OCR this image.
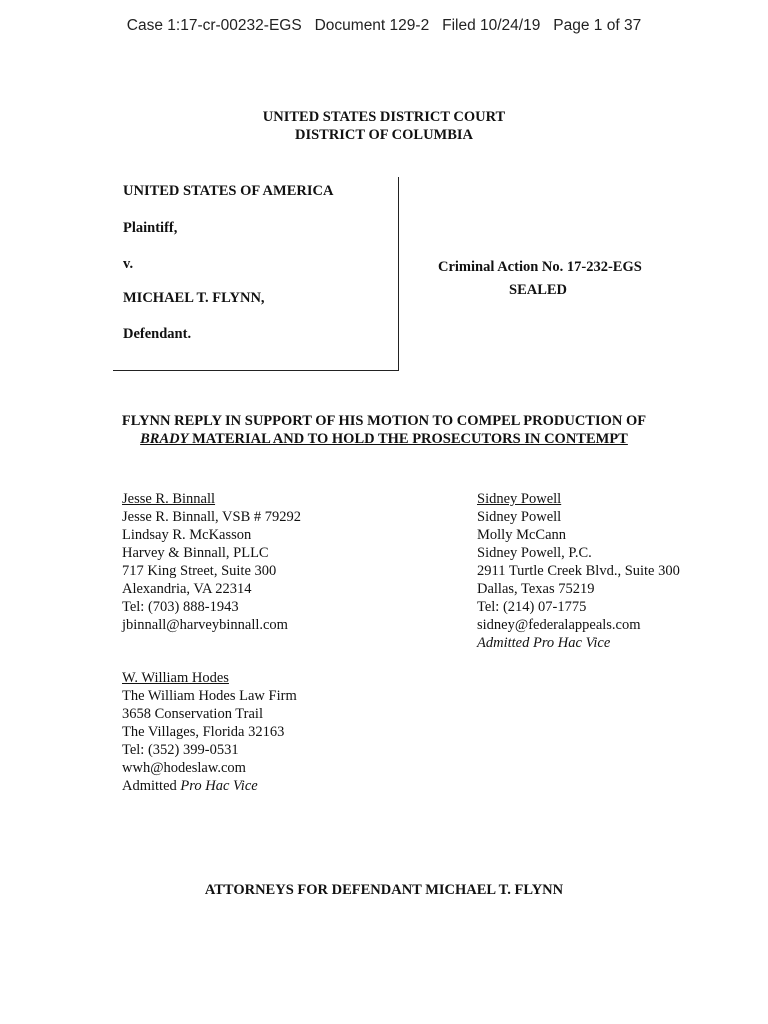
Case 1:17-cr-00232-EGS Document 129-2 Filed 10/24/19 Page 1 of 37
UNITED STATES DISTRICT COURT
DISTRICT OF COLUMBIA
UNITED STATES OF AMERICA
Plaintiff,
v.
MICHAEL T. FLYNN,
Defendant.
Criminal Action No. 17-232-EGS
SEALED
FLYNN REPLY IN SUPPORT OF HIS MOTION TO COMPEL PRODUCTION OF
BRADY MATERIAL AND TO HOLD THE PROSECUTORS IN CONTEMPT
Jesse R. Binnall
Jesse R. Binnall, VSB # 79292
Lindsay R. McKasson
Harvey & Binnall, PLLC
717 King Street, Suite 300
Alexandria, VA 22314
Tel: (703) 888-1943
jbinnall@harveybinnall.com
Sidney Powell
Sidney Powell
Molly McCann
Sidney Powell, P.C.
2911 Turtle Creek Blvd., Suite 300
Dallas, Texas 75219
Tel: (214) 07-1775
sidney@federalappeals.com
Admitted Pro Hac Vice
W. William Hodes
The William Hodes Law Firm
3658 Conservation Trail
The Villages, Florida 32163
Tel: (352) 399-0531
wwh@hodeslaw.com
Admitted Pro Hac Vice
ATTORNEYS FOR DEFENDANT MICHAEL T. FLYNN
